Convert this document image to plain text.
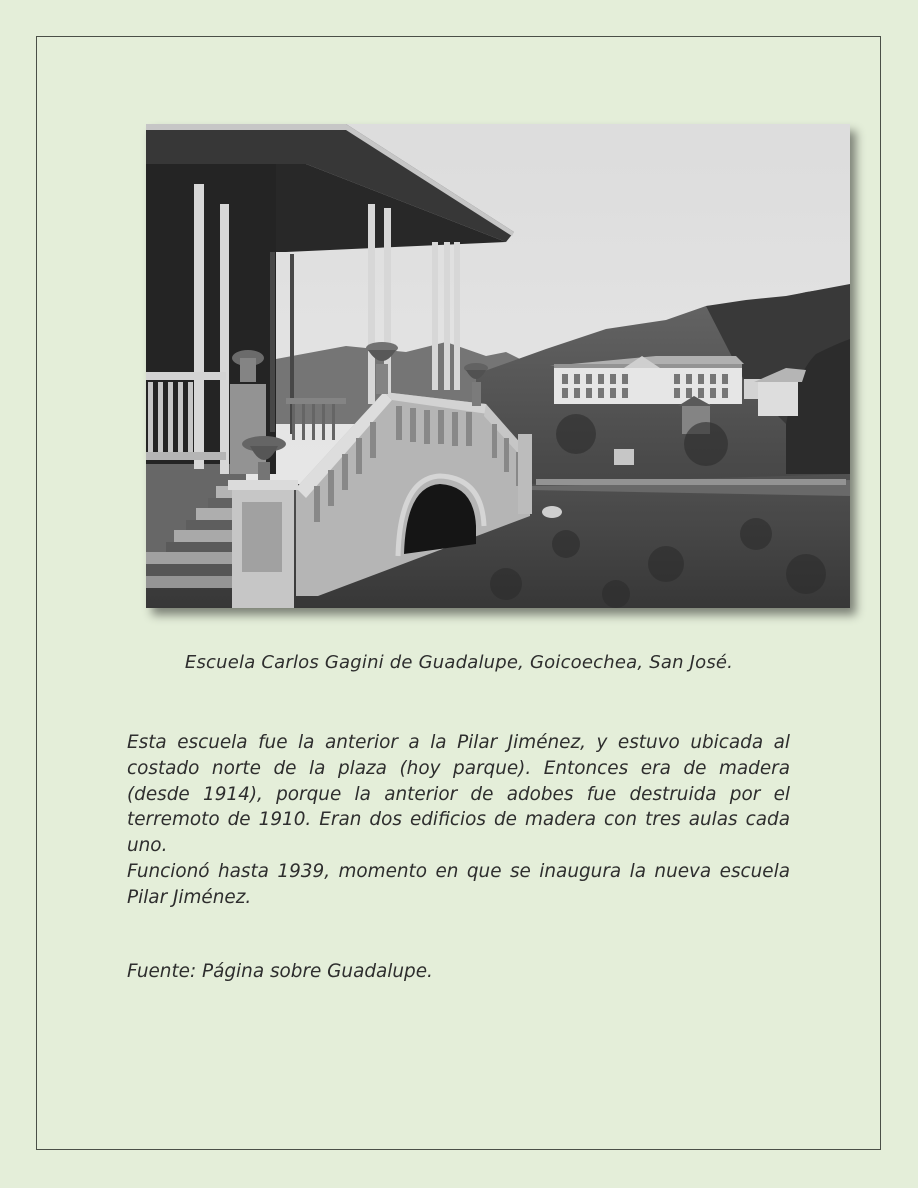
Escuela Carlos Gagini de Guadalupe, Goicoechea, San José.

Esta escuela fue la anterior a la Pilar Jiménez, y estuvo ubicada al costado norte de la plaza (hoy parque). Entonces era de madera (desde 1914), porque la anterior de adobes fue destruida por el terremoto de 1910. Eran dos edificios de madera con tres aulas cada uno.

Funcionó hasta 1939, momento en que se inaugura la nueva escuela Pilar Jiménez.

Fuente: Página sobre Guadalupe.
